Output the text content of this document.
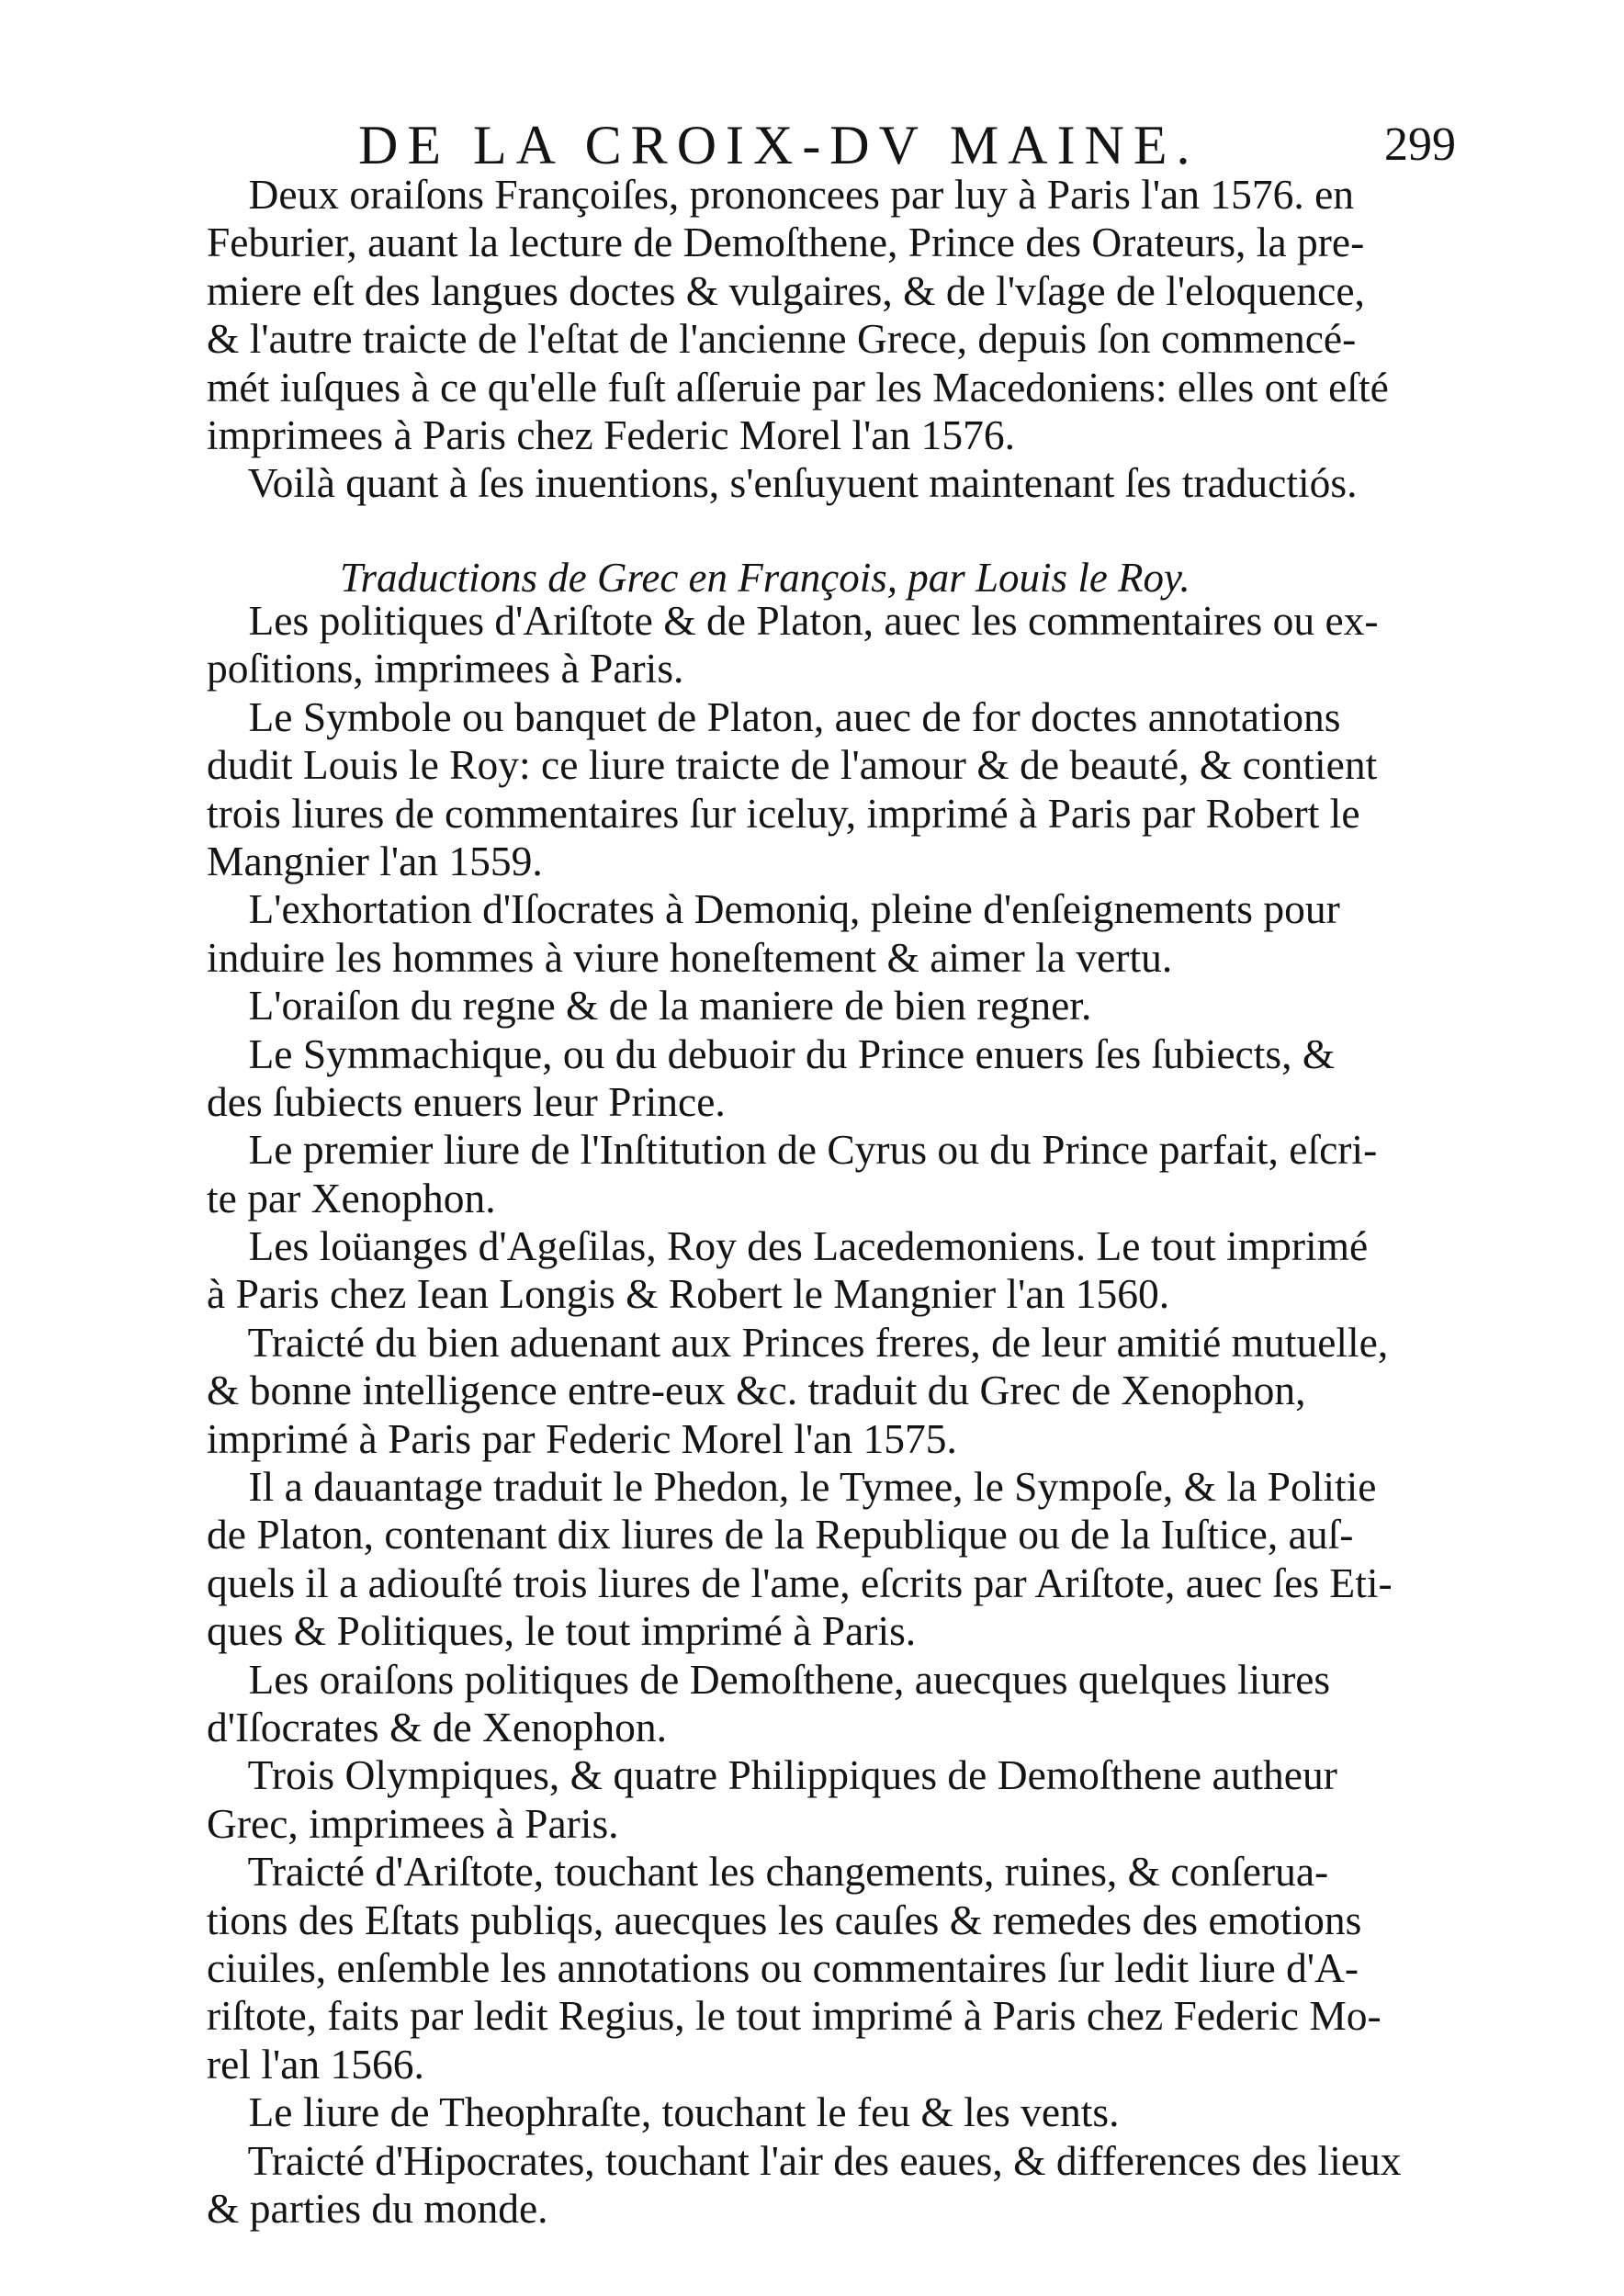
DE LA CROIX-DV MAINE.	299
Deux oraiſons Françoiſes, prononcees par luy à Paris l'an 1576. en
Feburier, auant la lecture de Demoſthene, Prince des Orateurs, la pre-
miere eſt des langues doctes & vulgaires, & de l'vſage de l'eloquence,
& l'autre traicte de l'eſtat de l'ancienne Grece, depuis ſon commencé-
mét iuſques à ce qu'elle fuſt aſſeruie par les Macedoniens: elles ont eſté
imprimees à Paris chez Federic Morel l'an 1576.
Voilà quant à ſes inuentions, s'enſuyuent maintenant ſes traductiós.
Traductions de Grec en François, par Louis le Roy.
Les politiques d'Ariſtote & de Platon, auec les commentaires ou ex-
poſitions, imprimees à Paris.
Le Symbole ou banquet de Platon, auec de for doctes annotations
dudit Louis le Roy: ce liure traicte de l'amour & de beauté, & contient
trois liures de commentaires ſur iceluy, imprimé à Paris par Robert le
Mangnier l'an 1559.
L'exhortation d'Iſocrates à Demoniq, pleine d'enſeignements pour
induire les hommes à viure honeſtement & aimer la vertu.
L'oraiſon du regne & de la maniere de bien regner.
Le Symmachique, ou du debuoir du Prince enuers ſes ſubiects, &
des ſubiects enuers leur Prince.
Le premier liure de l'Inſtitution de Cyrus ou du Prince parfait, eſcri-
te par Xenophon.
Les loüanges d'Ageſilas, Roy des Lacedemoniens. Le tout imprimé
à Paris chez Iean Longis & Robert le Mangnier l'an 1560.
Traicté du bien aduenant aux Princes freres, de leur amitié mutuelle,
& bonne intelligence entre-eux &c. traduit du Grec de Xenophon,
imprimé à Paris par Federic Morel l'an 1575.
Il a dauantage traduit le Phedon, le Tymee, le Sympoſe, & la Politie
de Platon, contenant dix liures de la Republique ou de la Iuſtice, auſ-
quels il a adiouſté trois liures de l'ame, eſcrits par Ariſtote, auec ſes Eti-
ques & Politiques, le tout imprimé à Paris.
Les oraiſons politiques de Demoſthene, auecques quelques liures
d'Iſocrates & de Xenophon.
Trois Olympiques, & quatre Philippiques de Demoſthene autheur
Grec, imprimees à Paris.
Traicté d'Ariſtote, touchant les changements, ruines, & conſerua-
tions des Eſtats publiqs, auecques les cauſes & remedes des emotions
ciuiles, enſemble les annotations ou commentaires ſur ledit liure d'A-
riſtote, faits par ledit Regius, le tout imprimé à Paris chez Federic Mo-
rel l'an 1566.
Le liure de Theophraſte, touchant le feu & les vents.
Traicté d'Hipocrates, touchant l'air des eaues, & differences des lieux
& parties du monde.
